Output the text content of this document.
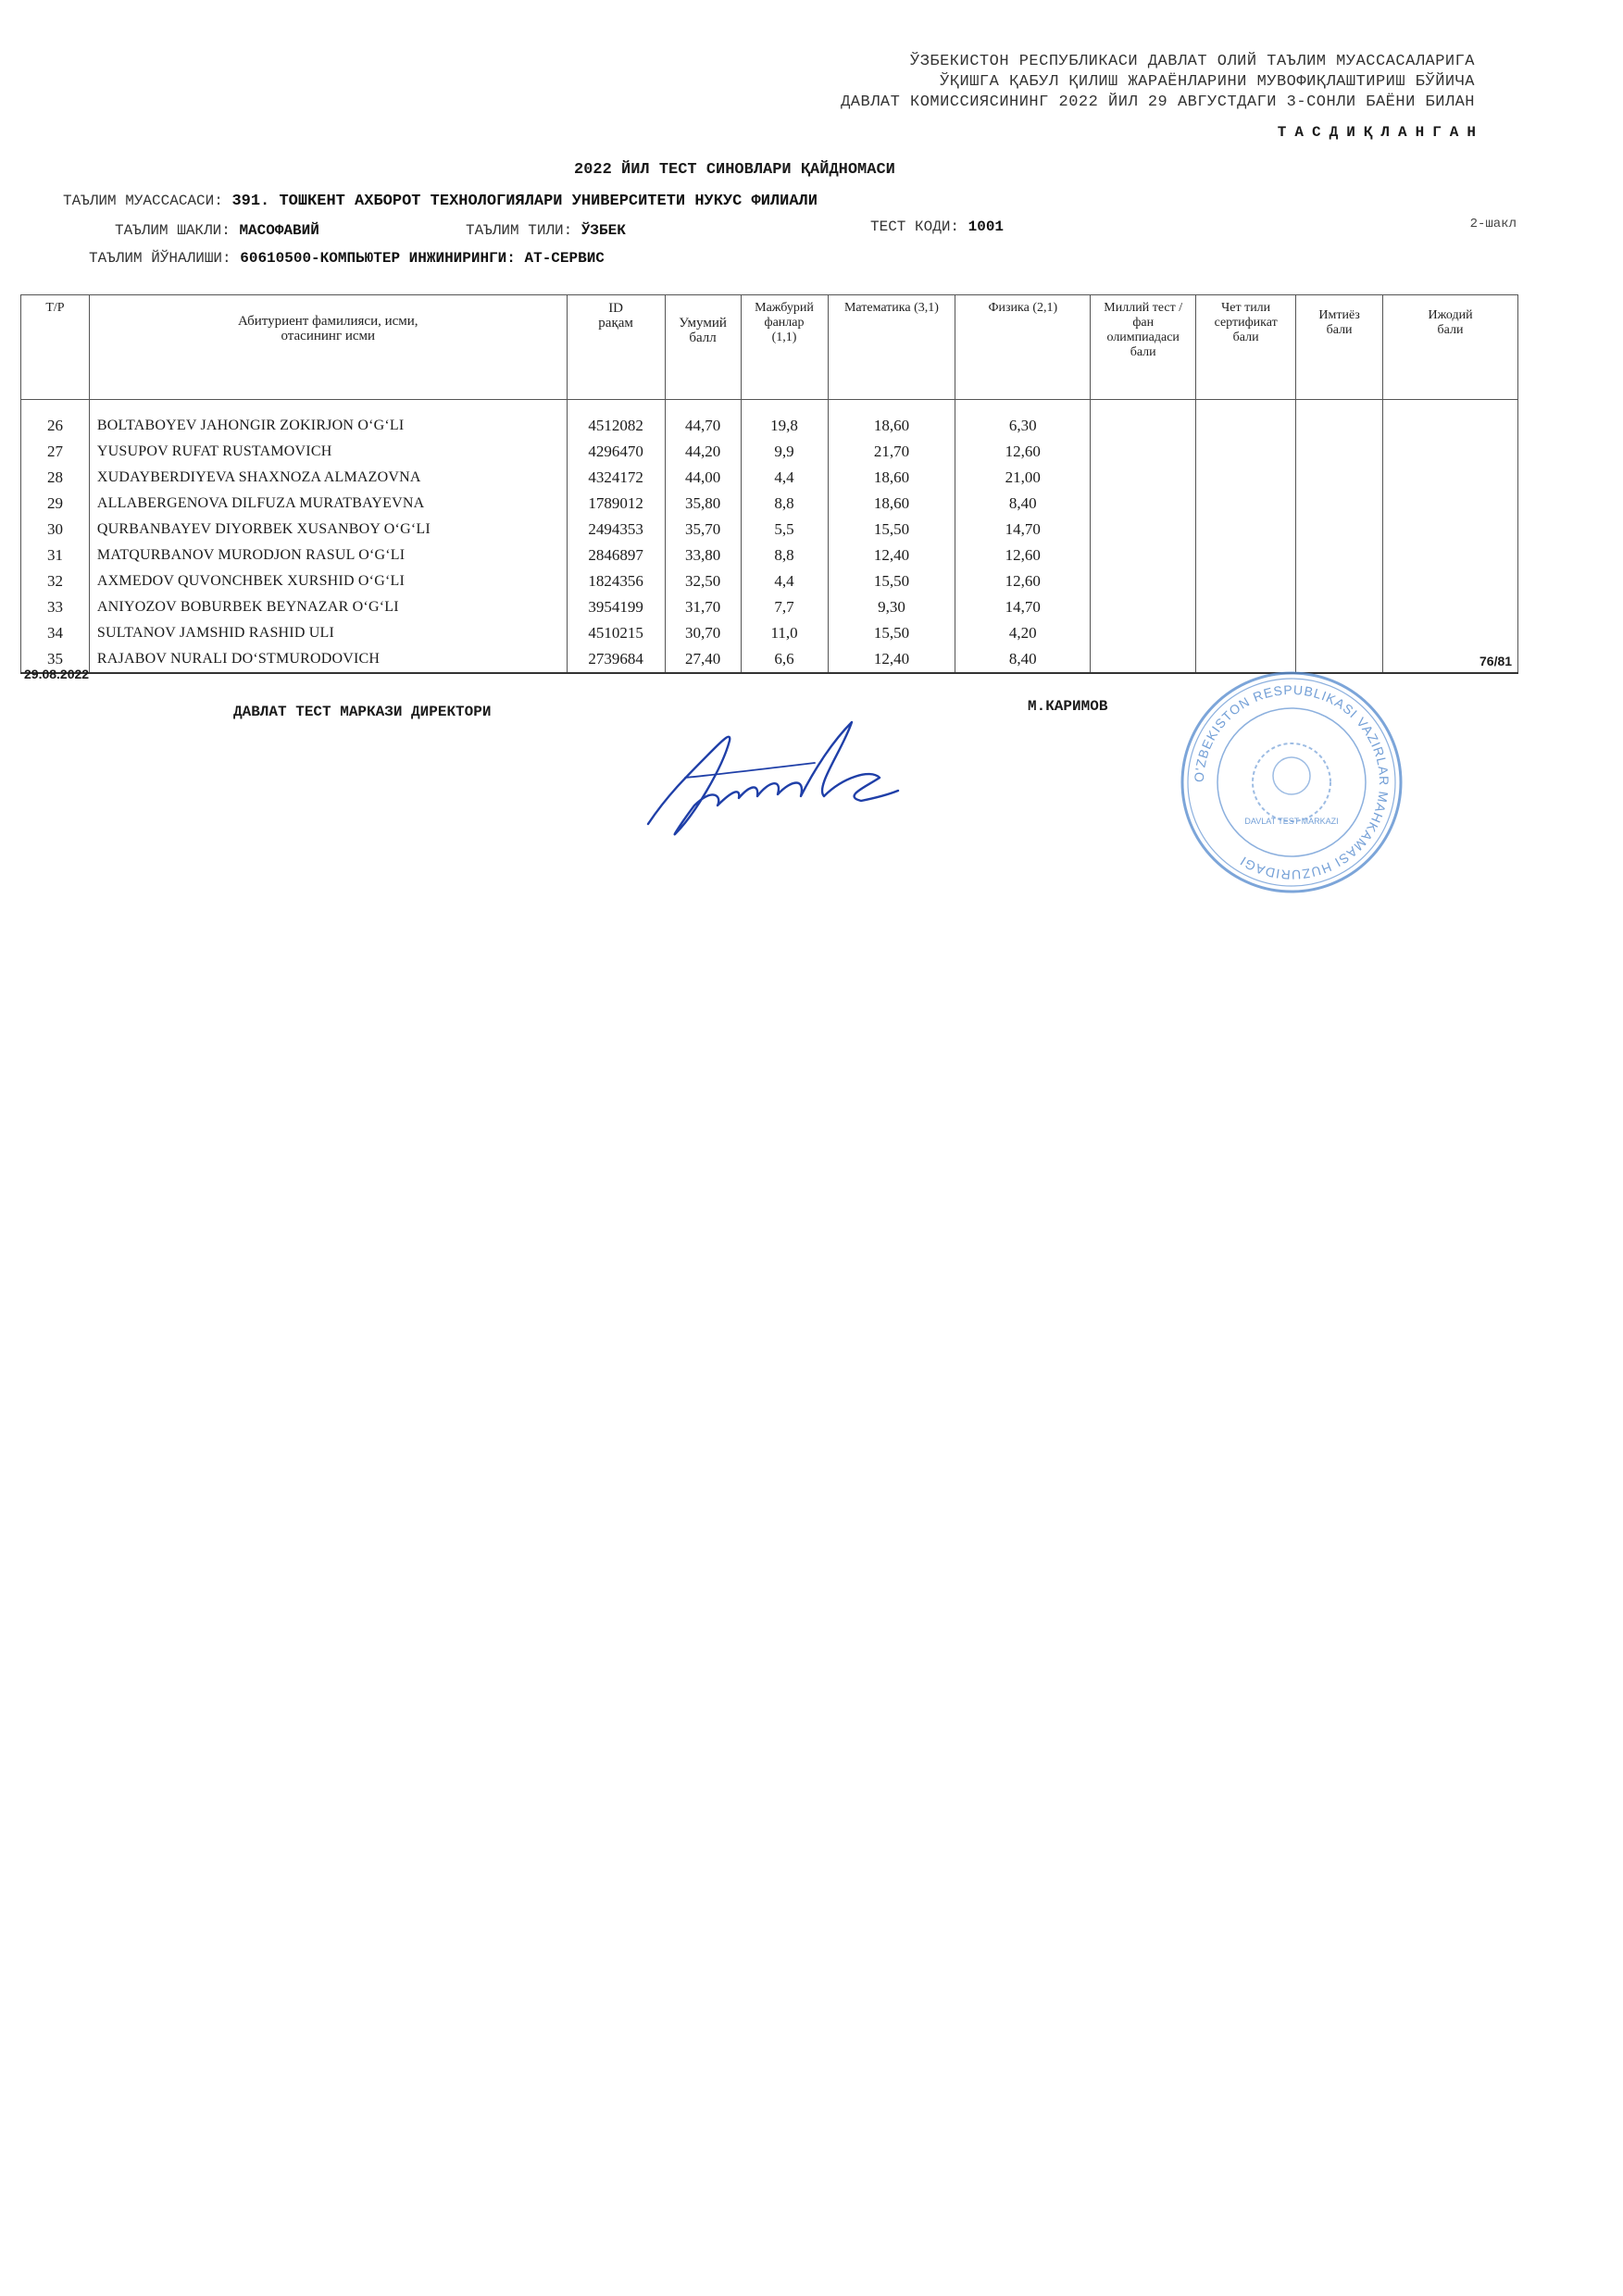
ЎЗБЕКИСТОН РЕСПУБЛИКАСИ ДАВЛАТ ОЛИЙ ТАЪЛИМ МУАССАСАЛАРИГА
ЎҚИШГА ҚАБУЛ ҚИЛИШ ЖАРАЁНЛАРИНИ МУВОФИҚЛАШТИРИШ БЎЙИЧА
ДАВЛАТ КОМИССИЯСИНИНГ 2022 ЙИЛ 29 АВГУСТДАГИ 3-СОНЛИ БАЁНИ БИЛАН
ТАСДИҚЛАНГАН
2022 ЙИЛ ТЕСТ СИНОВЛАРИ ҚАЙДНОМАСИ
ТАЪЛИМ МУАССАСАСИ: 391. ТОШКЕНТ АХБОРОТ ТЕХНОЛОГИЯЛАРИ УНИВЕРСИТЕТИ НУКУС ФИЛИАЛИ
ТАЪЛИМ ШАКЛИ: МАСОФАВИЙ	ТАЪЛИМ ТИЛИ: ЎЗБЕК	ТЕСТ КОДИ: 1001	2-шакл
ТАЪЛИМ ЙЎНАЛИШИ: 60610500-КОМПЬЮТЕР ИНЖИНИРИНГИ: АТ-СЕРВИС
Т/Р	Абитуриент фамилияси, исми, отасининг исми	ID рақам	Умумий балл	Мажбурий фанлар (1,1)	Математика (3,1)	Физика (2,1)	Миллий тест / фан олимпиадаси бали	Чет тили сертификат бали	Имтиёз бали	Ижодий бали

26	BOLTABOYEV JAHONGIR ZOKIRJON O‘G‘LI	4512082	44,70	19,8	18,60	6,30				
27	YUSUPOV RUFAT RUSTAMOVICH	4296470	44,20	9,9	21,70	12,60				
28	XUDAYBERDIYEVA SHAXNOZA ALMAZOVNA	4324172	44,00	4,4	18,60	21,00				
29	ALLABERGENOVA DILFUZA MURATBAYEVNA	1789012	35,80	8,8	18,60	8,40				
30	QURBANBAYEV DIYORBEK XUSANBOY O‘G‘LI	2494353	35,70	5,5	15,50	14,70				
31	MATQURBANOV MURODJON RASUL O‘G‘LI	2846897	33,80	8,8	12,40	12,60				
32	AXMEDOV QUVONCHBEK XURSHID O‘G‘LI	1824356	32,50	4,4	15,50	12,60				
33	ANIYOZOV BOBURBEK BEYNAZAR O‘G‘LI	3954199	31,70	7,7	9,30	14,70				
34	SULTANOV JAMSHID RASHID ULI	4510215	30,70	11,0	15,50	4,20				
35	RAJABOV NURALI DO‘STMURODOVICH	2739684	27,40	6,6	12,40	8,40				
29.08.2022
76/81
ДАВЛАТ ТЕСТ МАРКАЗИ ДИРЕКТОРИ	М.КАРИМОВ
O'ZBEKISTON RESPUBLIKASI VAZIRLAR MAHKAMASI HUZURIDAGI
DAVLAT TEST MARKAZI
